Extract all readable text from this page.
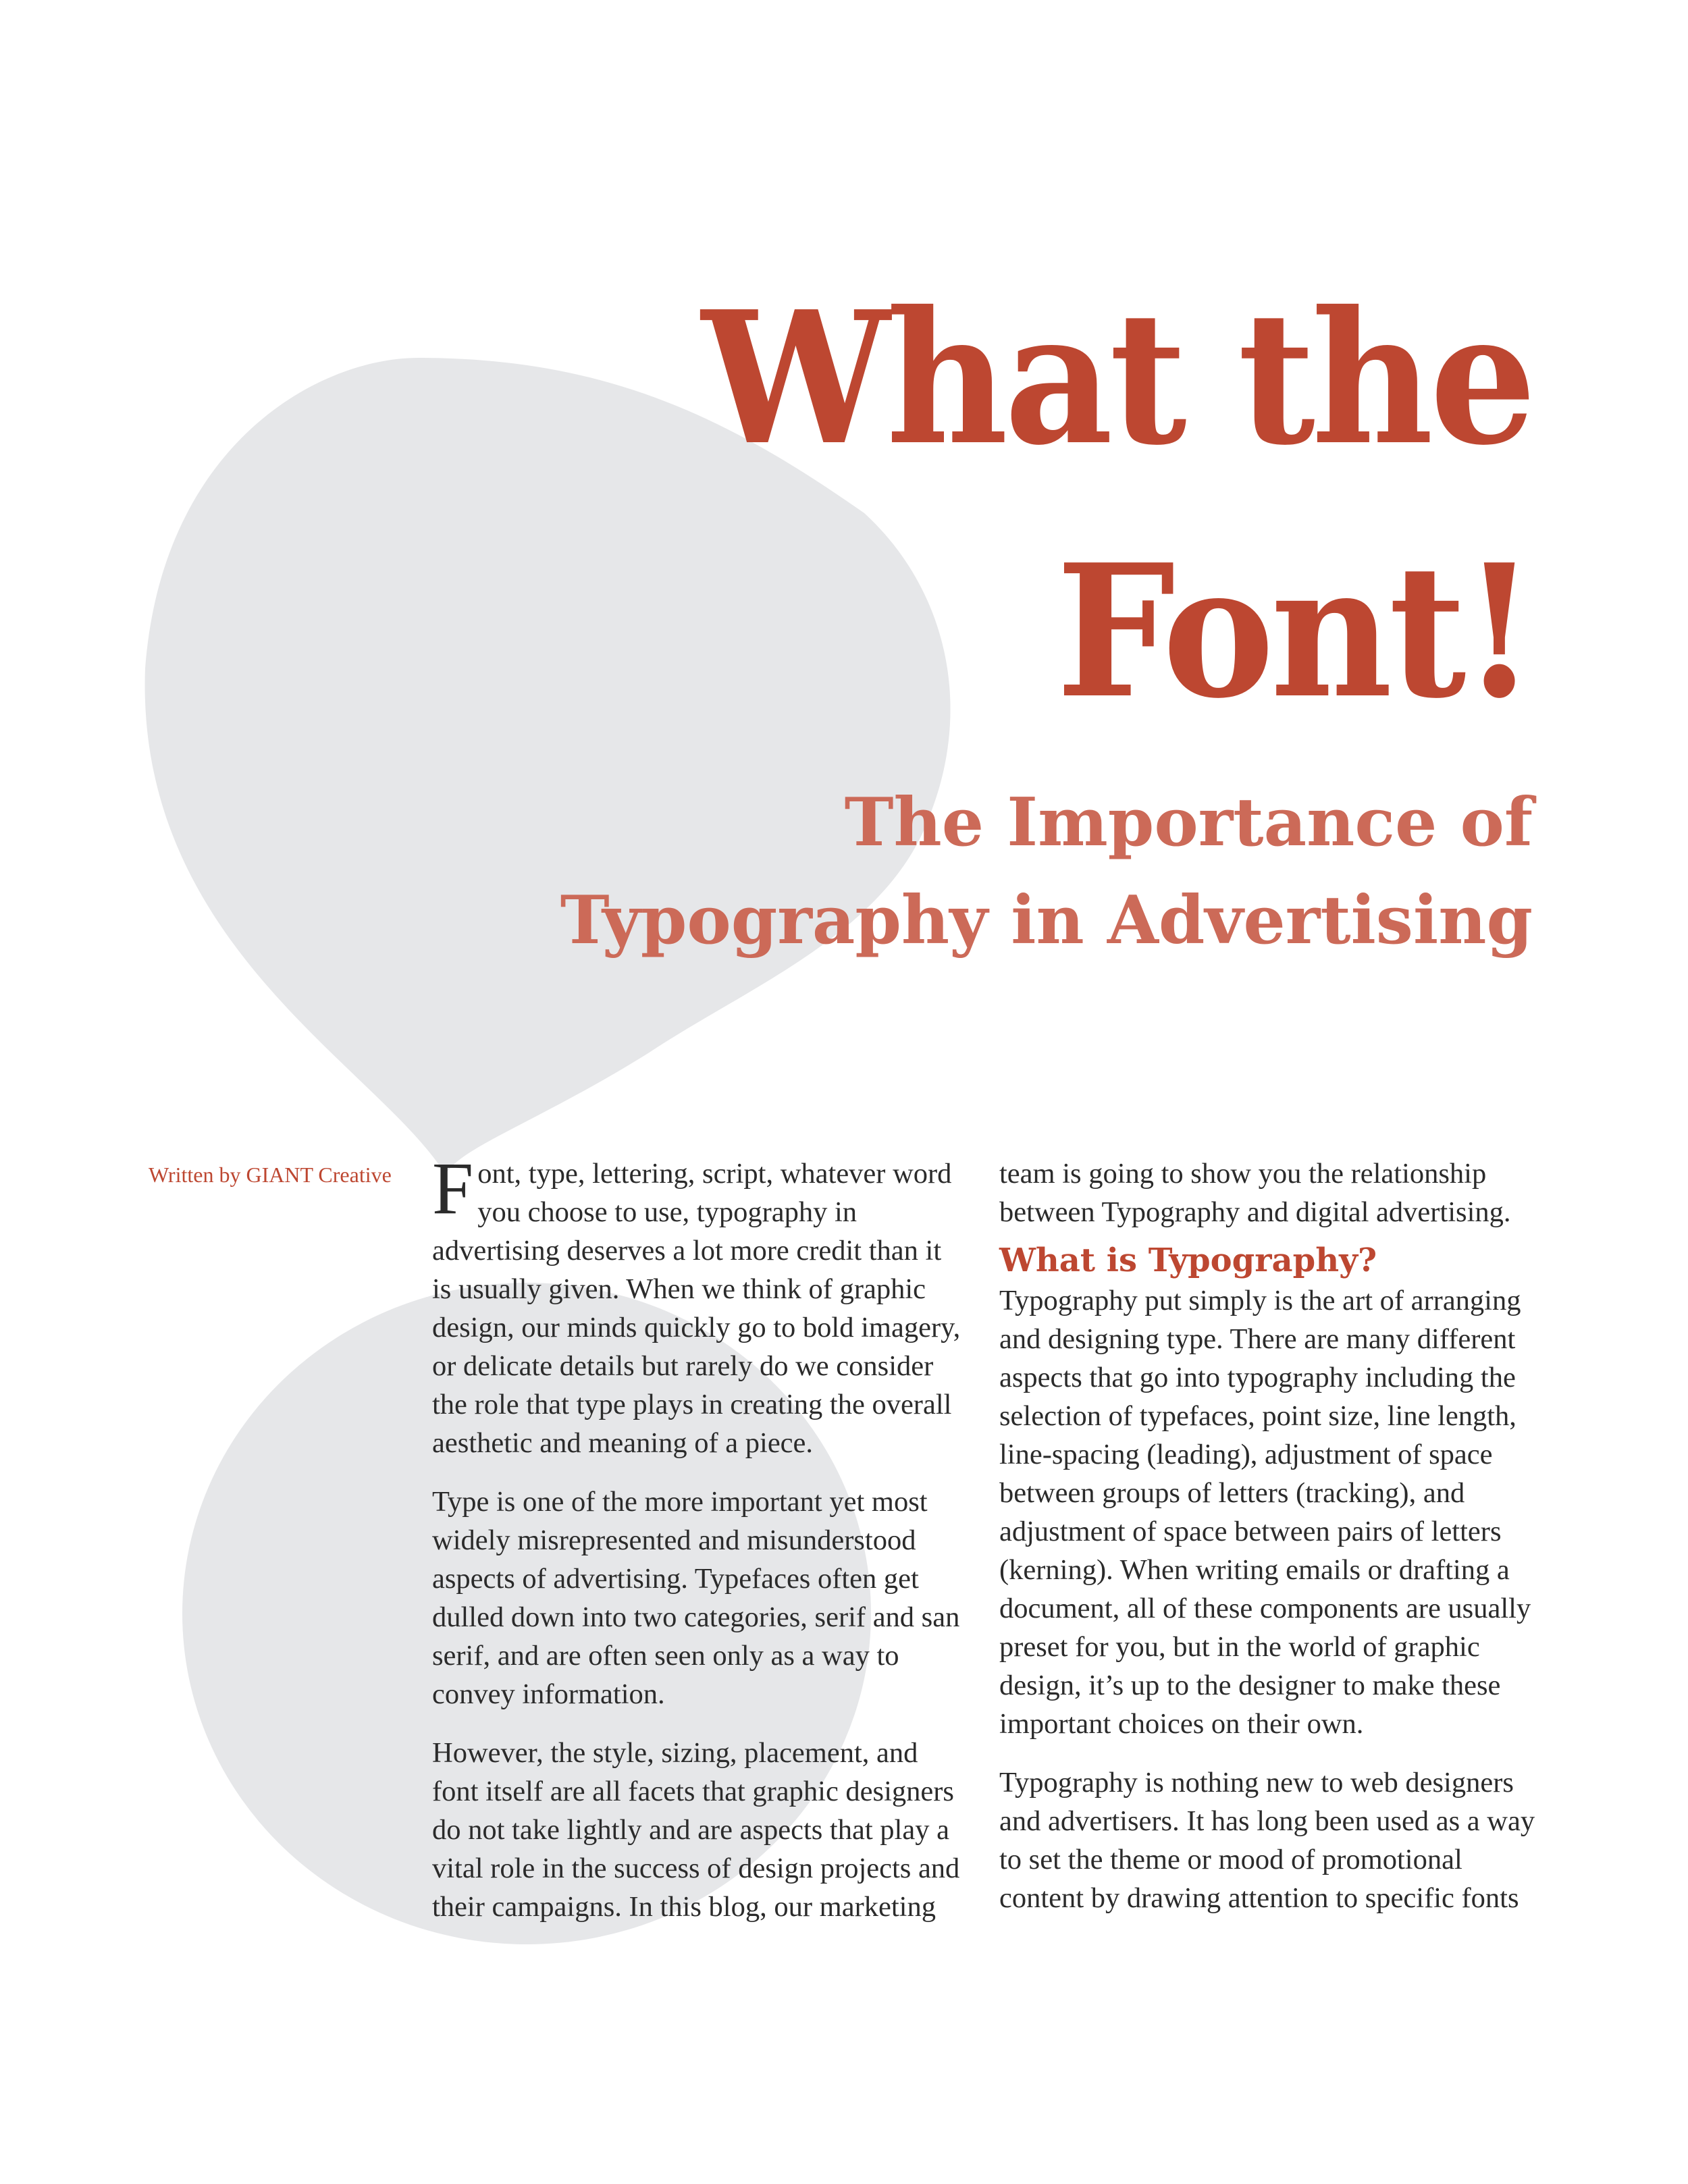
What the
Font!
The Importance of
Typography in Advertising

Written by GIANT Creative Font, type, lettering, script, whatever word you choose to use, typography in advertising deserves a lot more credit than it is usually given. When we think of graphic design, our minds quickly go to bold imagery, or delicate details but rarely do we consider the role that type plays in creating the overall aesthetic and meaning of a piece.

Type is one of the more important yet most widely misrepresented and misunderstood aspects of advertising. Typefaces often get dulled down into two categories, serif and san serif, and are often seen only as a way to convey information.

However, the style, sizing, placement, and font itself are all facets that graphic designers do not take lightly and are aspects that play a vital role in the success of design projects and their campaigns. In this blog, our marketing

team is going to show you the relationship between Typography and digital advertising.

What is Typography?

Typography put simply is the art of arranging and designing type. There are many different aspects that go into typography including the selection of typefaces, point size, line length, line-spacing (leading), adjustment of space between groups of letters (tracking), and adjustment of space between pairs of letters (kerning). When writing emails or drafting a document, all of these components are usually preset for you, but in the world of graphic design, it’s up to the designer to make these important choices on their own.

Typography is nothing new to web designers and advertisers. It has long been used as a way to set the theme or mood of promotional content by drawing attention to specific fonts
